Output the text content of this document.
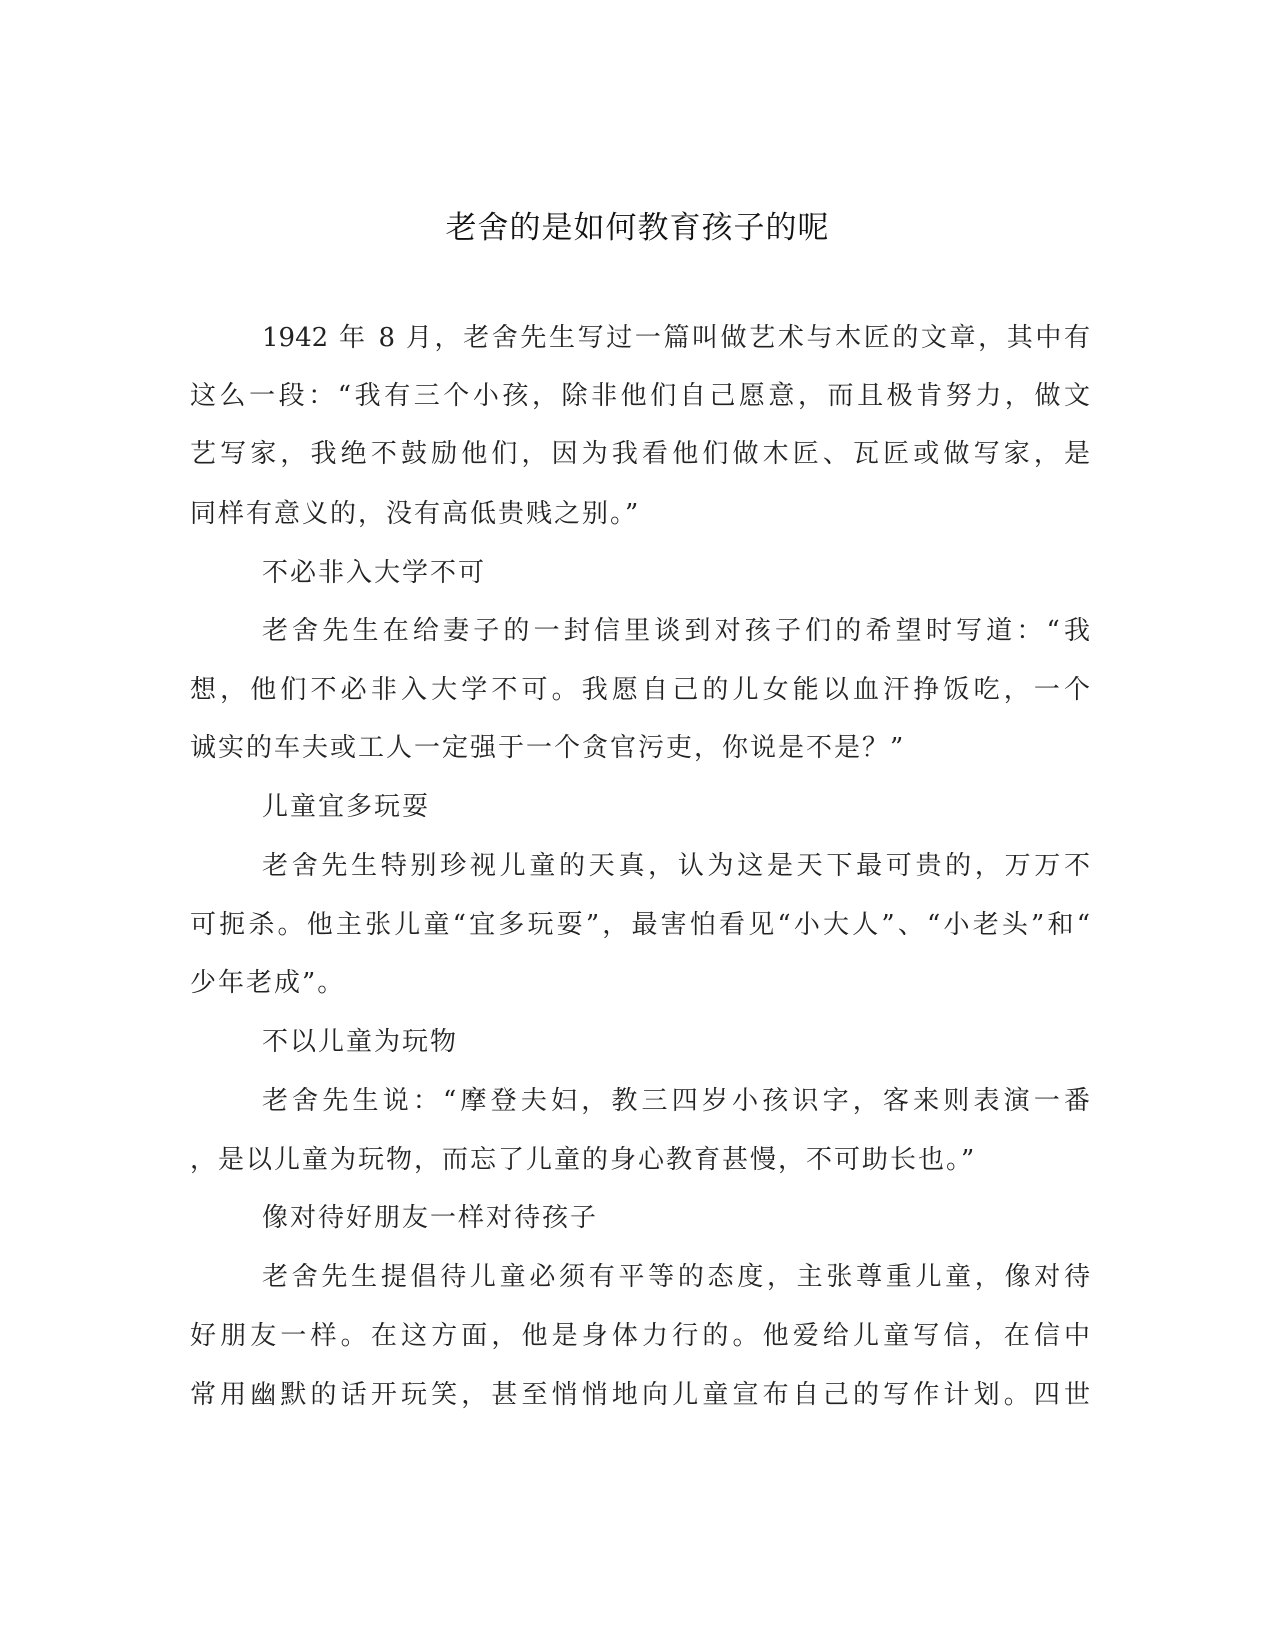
老舍的是如何教育孩子的呢
1942 年 8 月，老舍先生写过一篇叫做艺术与木匠的文章，其中有
这么一段：“我有三个小孩，除非他们自己愿意，而且极肯努力，做文
艺写家，我绝不鼓励他们，因为我看他们做木匠、瓦匠或做写家，是
同样有意义的，没有高低贵贱之别。”
不必非入大学不可
老舍先生在给妻子的一封信里谈到对孩子们的希望时写道：“我
想，他们不必非入大学不可。我愿自己的儿女能以血汗挣饭吃，一个
诚实的车夫或工人一定强于一个贪官污吏，你说是不是？”
儿童宜多玩耍
老舍先生特别珍视儿童的天真，认为这是天下最可贵的，万万不
可扼杀。他主张儿童“宜多玩耍”，最害怕看见“小大人”、“小老头”和“
少年老成”。
不以儿童为玩物
老舍先生说：“摩登夫妇，教三四岁小孩识字，客来则表演一番
，是以儿童为玩物，而忘了儿童的身心教育甚慢，不可助长也。”
像对待好朋友一样对待孩子
老舍先生提倡待儿童必须有平等的态度，主张尊重儿童，像对待
好朋友一样。在这方面，他是身体力行的。他爱给儿童写信，在信中
常用幽默的话开玩笑，甚至悄悄地向儿童宣布自己的写作计划。四世
